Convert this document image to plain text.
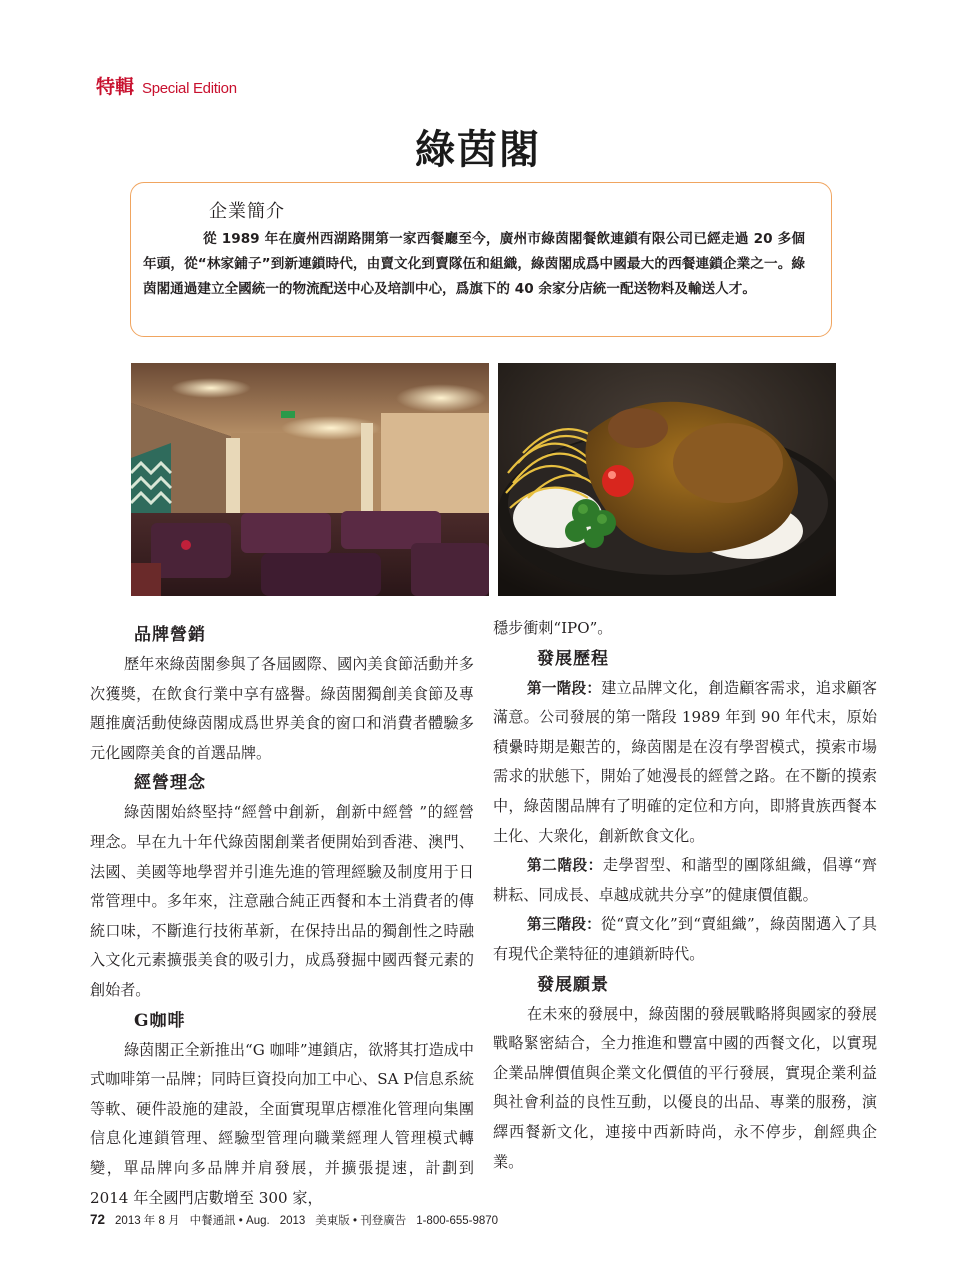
特輯 Special Edition
綠茵閣
企業簡介

從 1989 年在廣州西湖路開第一家西餐廳至今，廣州市綠茵閣餐飲連鎖有限公司已經走過 20 多個年頭，從“林家鋪子”到新連鎖時代，由賣文化到賣隊伍和組織，綠茵閣成爲中國最大的西餐連鎖企業之一。綠茵閣通過建立全國統一的物流配送中心及培訓中心，爲旗下的 40 余家分店統一配送物料及輸送人才。

品牌營銷

歷年來綠茵閣參與了各屆國際、國內美食節活動并多次獲獎，在飲食行業中享有盛譽。綠茵閣獨創美食節及專題推廣活動使綠茵閣成爲世界美食的窗口和消費者體驗多元化國際美食的首選品牌。

經營理念

綠茵閣始終堅持“經營中創新，創新中經營 ”的經營理念。早在九十年代綠茵閣創業者便開始到香港、澳門、法國、美國等地學習并引進先進的管理經驗及制度用于日常管理中。多年來，注意融合純正西餐和本土消費者的傳統口味，不斷進行技術革新，在保持出品的獨創性之時融入文化元素擴張美食的吸引力，成爲發掘中國西餐元素的創始者。

G咖啡

綠茵閣正全新推出“G 咖啡”連鎖店，欲將其打造成中式咖啡第一品牌；同時巨資投向加工中心、SA P信息系統等軟、硬件設施的建設，全面實現單店標准化管理向集團信息化連鎖管理、經驗型管理向職業經理人管理模式轉變，單品牌向多品牌并肩發展，并擴張提速，計劃到 2014 年全國門店數增至 300 家，

穩步衝刺“IPO”。

發展歷程

第一階段：建立品牌文化，創造顧客需求，追求顧客滿意。公司發展的第一階段 1989 年到 90 年代末，原始積纍時期是艱苦的，綠茵閣是在沒有學習模式，摸索市場需求的狀態下，開始了她漫長的經營之路。在不斷的摸索中，綠茵閣品牌有了明確的定位和方向，即將貴族西餐本土化、大衆化，創新飲食文化。

第二階段：走學習型、和諧型的團隊組織，倡導“齊耕耘、同成長、卓越成就共分享”的健康價值觀。

第三階段：從“賣文化”到“賣組織”，綠茵閣邁入了具有現代企業特征的連鎖新時代。

發展願景

在未來的發展中，綠茵閣的發展戰略將與國家的發展戰略緊密結合，全力推進和豐富中國的西餐文化，以實現企業品牌價值與企業文化價值的平行發展，實現企業利益與社會利益的良性互動，以優良的出品、專業的服務，演繹西餐新文化，連接中西新時尚，永不停步，創經典企業。

72 2013 年 8 月 中餐通訊 • Aug. 2013 美東版 • 刊登廣告 1-800-655-9870
